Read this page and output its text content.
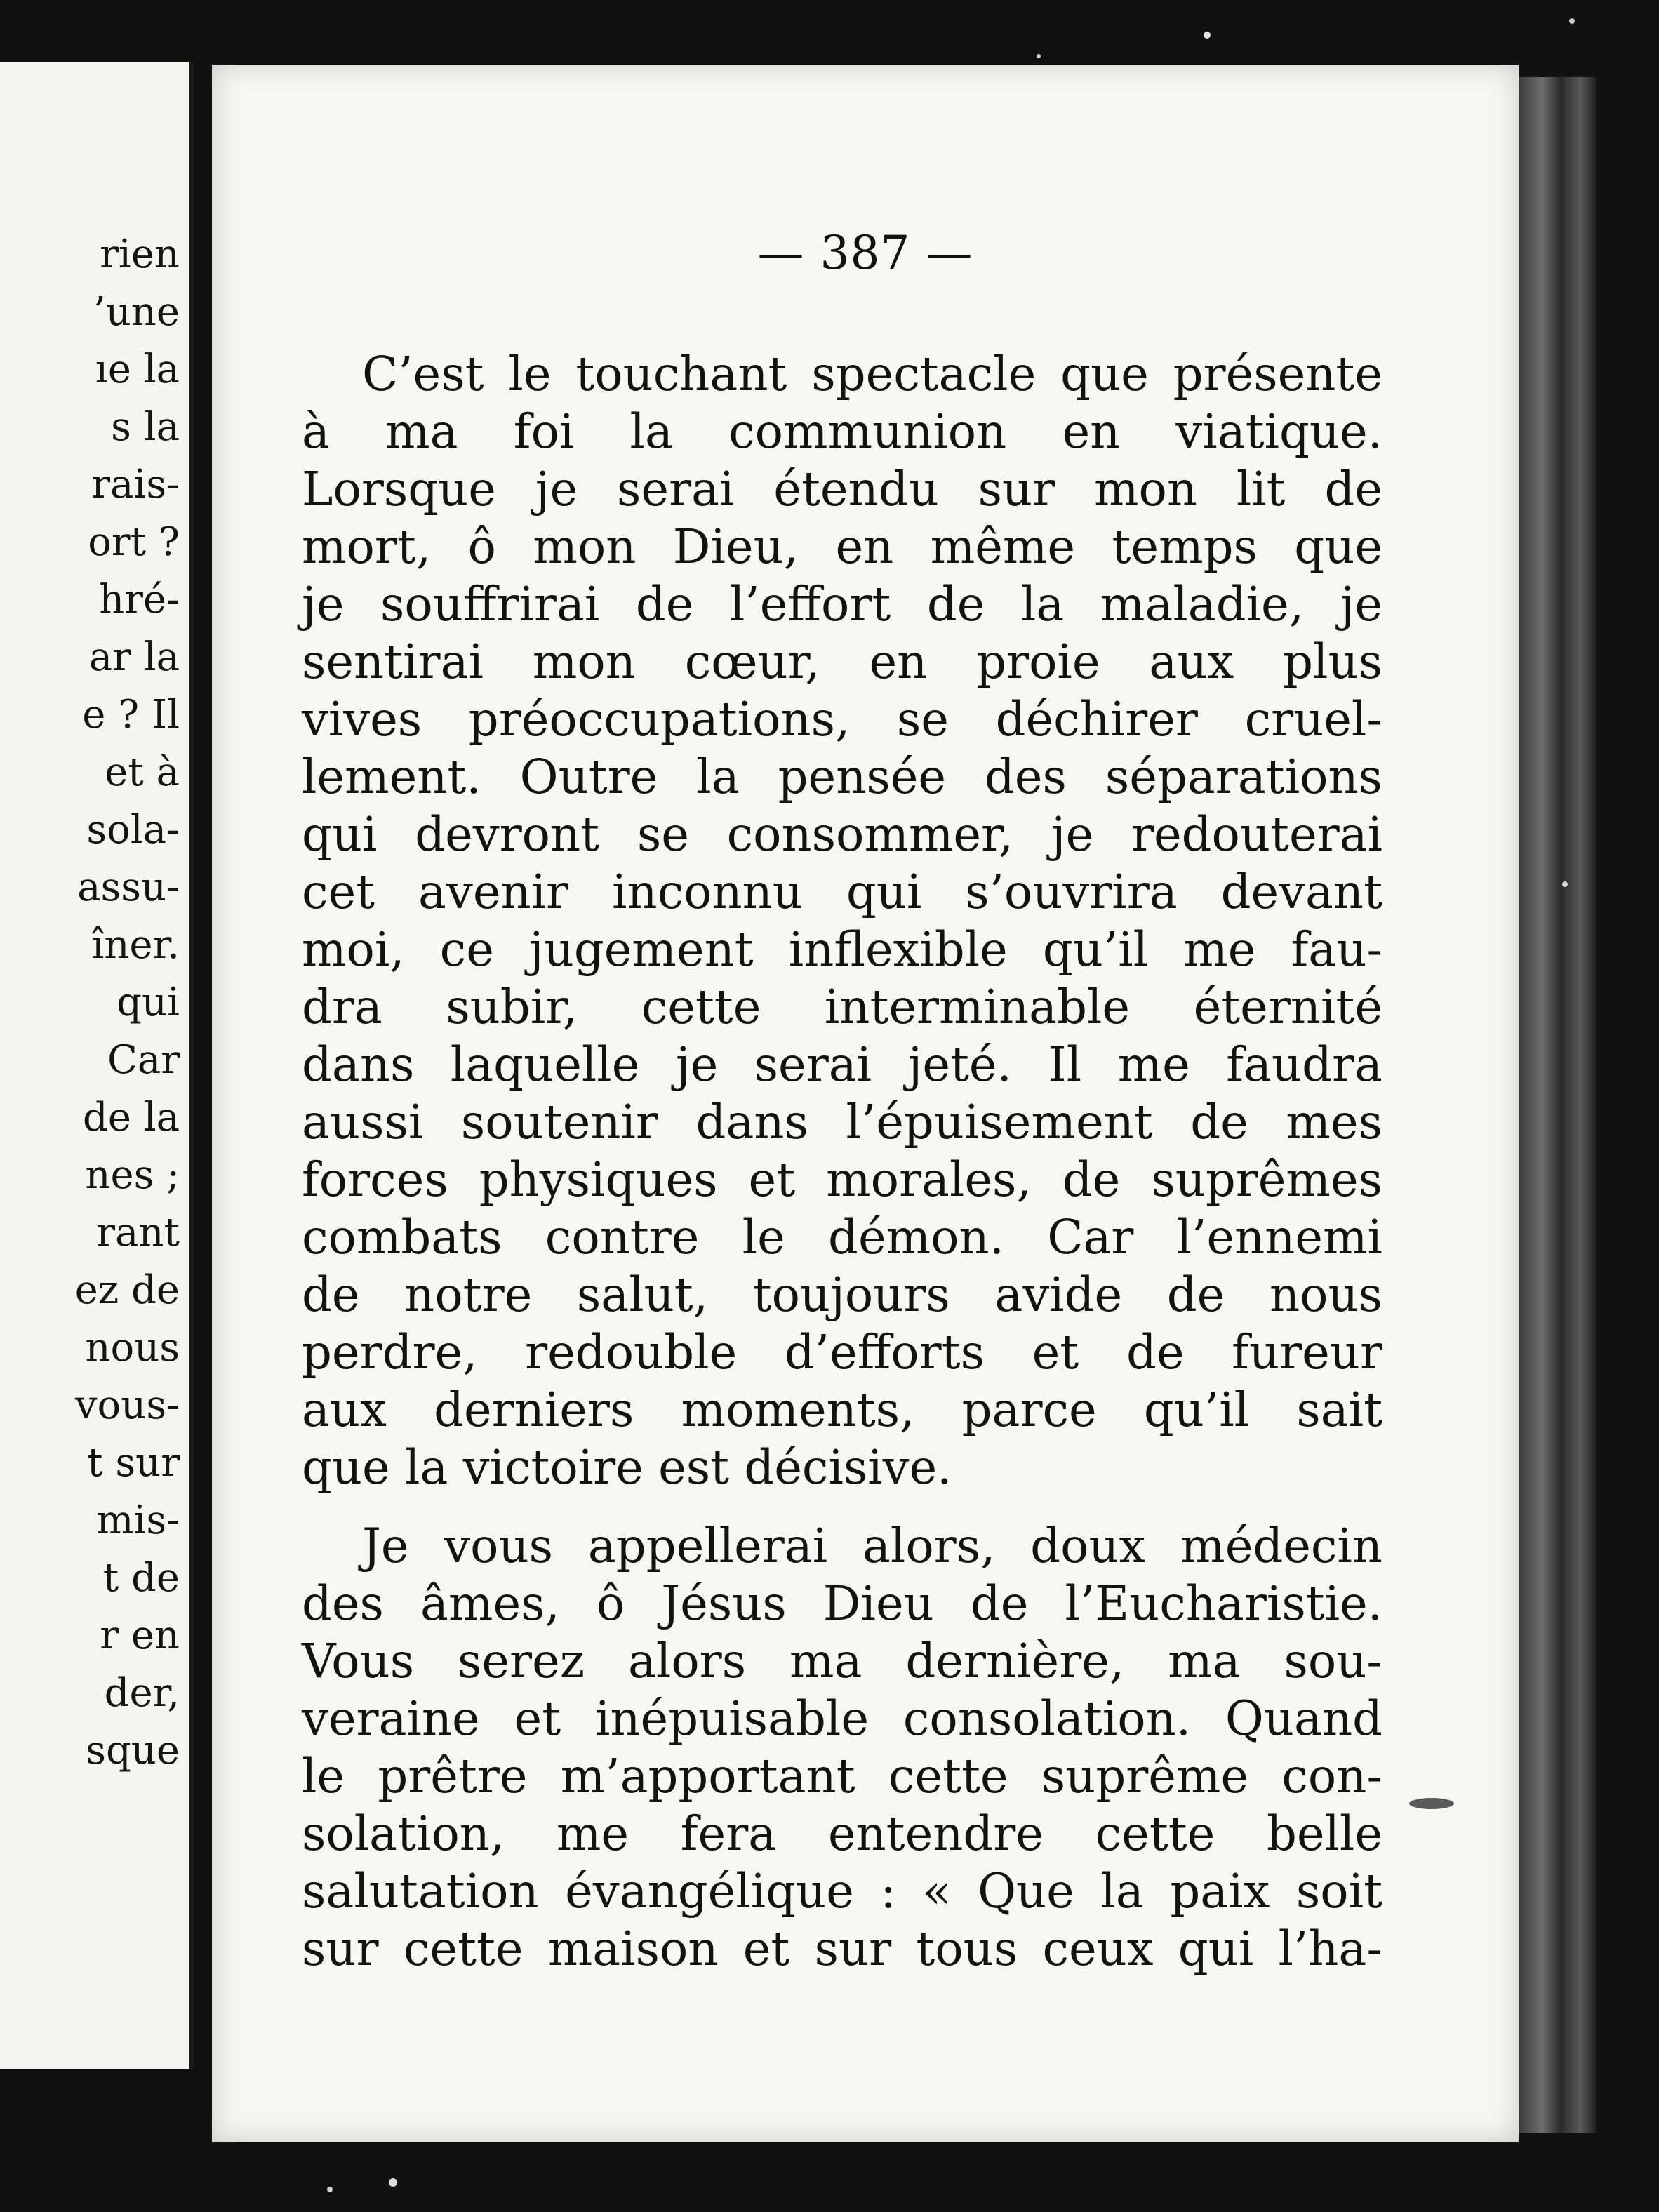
rien
’une
ıe la
s la
rais-
ort ?
hré-
ar la
e ? Il
et à
sola-
assu-
îner.
qui
Car
de la
nes ;
rant
ez de
nous
vous-
t sur
mis-
t de
r en
der,
sque
— 387 —

C’est le touchant spectacle que présente
à ma foi la communion en viatique.
Lorsque je serai étendu sur mon lit de
mort, ô mon Dieu, en même temps que
je souffrirai de l’effort de la maladie, je
sentirai mon cœur, en proie aux plus
vives préoccupations, se déchirer cruel-
lement. Outre la pensée des séparations
qui devront se consommer, je redouterai
cet avenir inconnu qui s’ouvrira devant
moi, ce jugement inflexible qu’il me fau-
dra subir, cette interminable éternité
dans laquelle je serai jeté. Il me faudra
aussi soutenir dans l’épuisement de mes
forces physiques et morales, de suprêmes
combats contre le démon. Car l’ennemi
de notre salut, toujours avide de nous
perdre, redouble d’efforts et de fureur
aux derniers moments, parce qu’il sait
que la victoire est décisive.

Je vous appellerai alors, doux médecin
des âmes, ô Jésus Dieu de l’Eucharistie.
Vous serez alors ma dernière, ma sou-
veraine et inépuisable consolation. Quand
le prêtre m’apportant cette suprême con-
solation, me fera entendre cette belle
salutation évangélique : « Que la paix soit
sur cette maison et sur tous ceux qui l’ha-
